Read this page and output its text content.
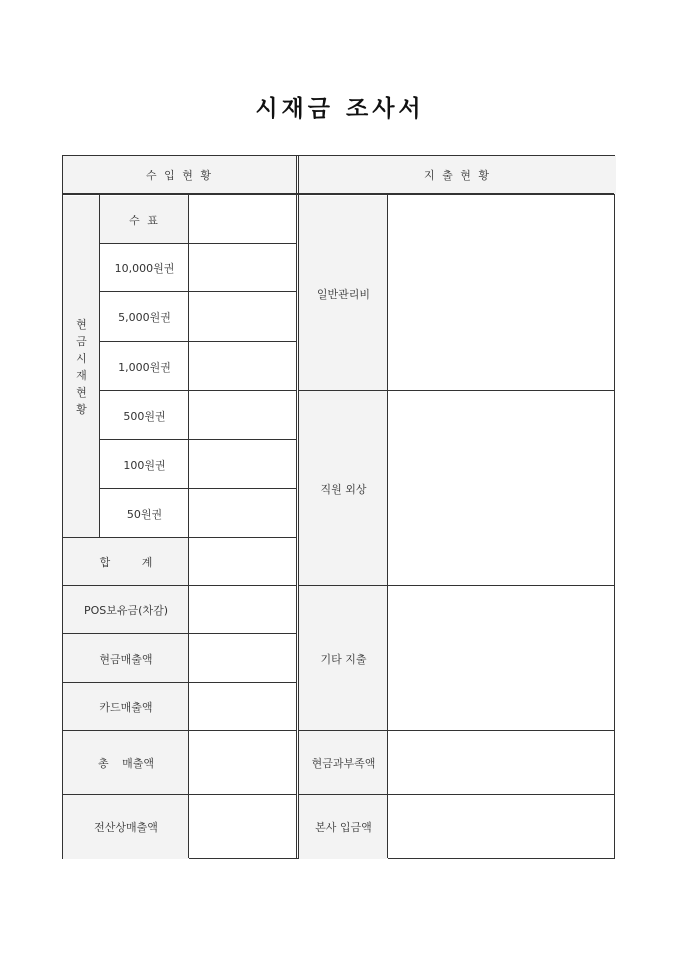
시재금 조사서
수 입 현 황	지 출 현 황
현
금
시
재
현
황
수 표
10,000원권
5,000원권
1,000원권
500원권
100원권
50원권
합 계
POS보유금(차감)
현금매출액
카드매출액
총 매출액
전산상매출액
일반관리비
직원 외상
기타 지출
현금과부족액
본사 입금액
